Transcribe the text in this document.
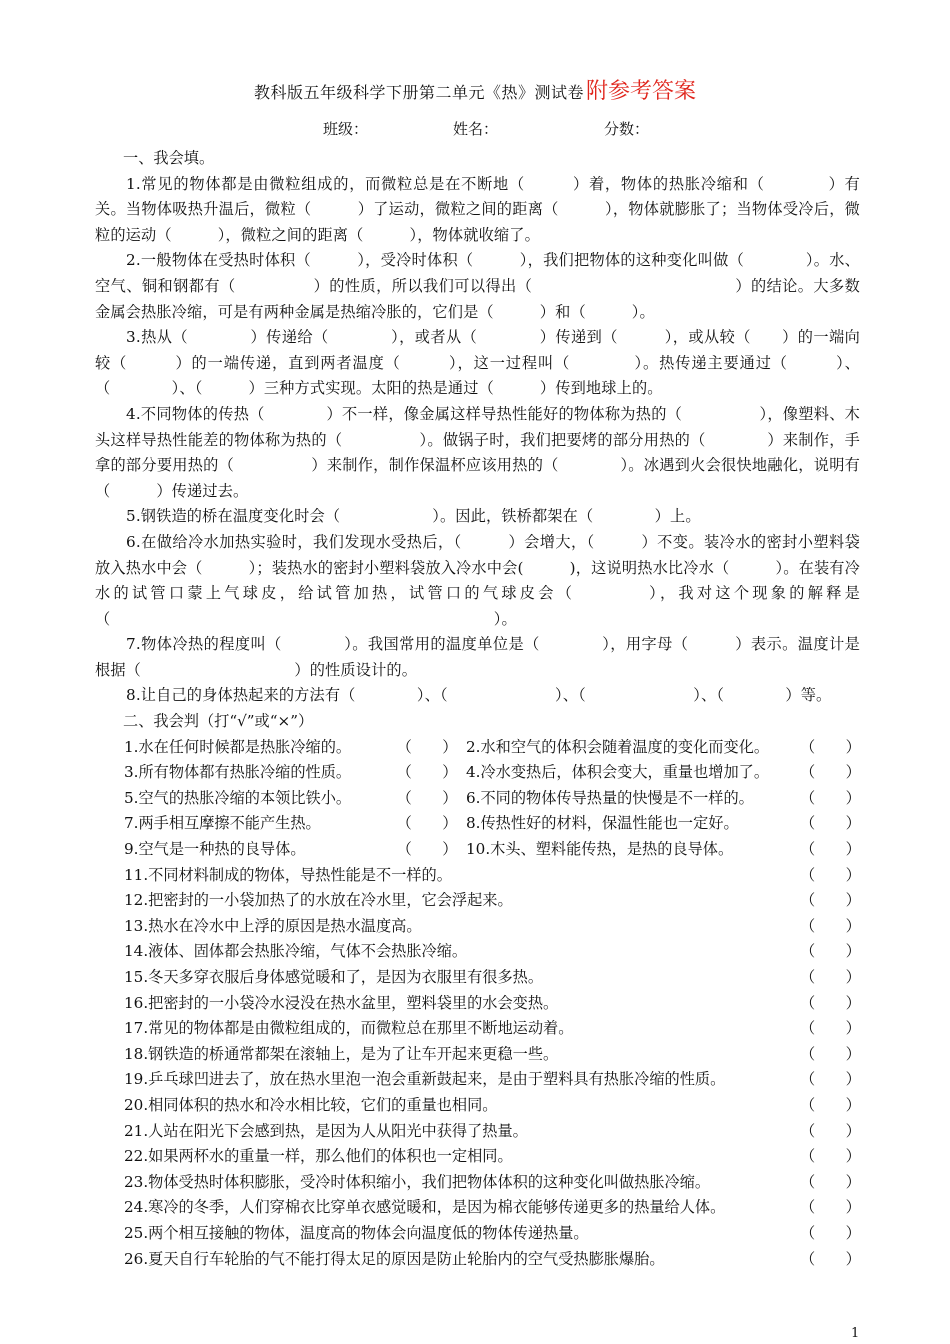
教科版五年级科学下册第二单元《热》测试卷附参考答案
班级：	姓名：	分数：
一、我会填。
1.常见的物体都是由微粒组成的，而微粒总是在不断地（　　　）着，物体的热胀冷缩和（　　　　）有关。当物体吸热升温后，微粒（　　　）了运动，微粒之间的距离（　　　），物体就膨胀了；当物体受冷后，微粒的运动（　　　），微粒之间的距离（　　　），物体就收缩了。
2.一般物体在受热时体积（　　　），受冷时体积（　　　），我们把物体的这种变化叫做（　　　　）。水、空气、铜和钢都有（　　　　　）的性质，所以我们可以得出（　　　　　　　　　　　　　）的结论。大多数金属会热胀冷缩，可是有两种金属是热缩冷胀的，它们是（　　　）和（　　　）。
3.热从（　　　　）传递给（　　　　），或者从（　　　　）传递到（　　　），或从较（　　）的一端向较（　　　）的一端传递，直到两者温度（　　　），这一过程叫（　　　　）。热传递主要通过（　　　）、（　　　　）、（　　　）三种方式实现。太阳的热是通过（　　　）传到地球上的。
4.不同物体的传热（　　　　）不一样，像金属这样导热性能好的物体称为热的（　　　　　），像塑料、木头这样导热性能差的物体称为热的（　　　　　）。做锅子时，我们把要烤的部分用热的（　　　　）来制作，手拿的部分要用热的（　　　　　）来制作，制作保温杯应该用热的（　　　　）。冰遇到火会很快地融化，说明有（　　　）传递过去。
5.钢铁造的桥在温度变化时会（　　　　　　）。因此，铁桥都架在（　　　　）上。
6.在做给冷水加热实验时，我们发现水受热后，（　　　）会增大，（　　　）不变。装冷水的密封小塑料袋放入热水中会（　　　）；装热水的密封小塑料袋放入冷水中会(　　　)，这说明热水比冷水（　　　）。在装有冷水的试管口蒙上气球皮，给试管加热，试管口的气球皮会（　　　　），我对这个现象的解释是（　　　　　　　　　　　　　　　　　　　　　　　　　）。
7.物体冷热的程度叫（　　　　）。我国常用的温度单位是（　　　　），用字母（　　　）表示。温度计是根据（　　　　　　　　　　）的性质设计的。
8.让自己的身体热起来的方法有（　　　　）、（　　　　　　　）、（　　　　　　　）、（　　　　）等。
二、我会判（打“√”或“×”）
1.水在任何时候都是热胀冷缩的。	（　　） 2.水和空气的体积会随着温度的变化而变化。	（　　）
3.所有物体都有热胀冷缩的性质。	（　　） 4.冷水变热后，体积会变大，重量也增加了。	（　　）
5.空气的热胀冷缩的本领比铁小。	（　　） 6.不同的物体传导热量的快慢是不一样的。	（　　）
7.两手相互摩擦不能产生热。	（　　） 8.传热性好的材料，保温性能也一定好。	（　　）
9.空气是一种热的良导体。	（　　） 10.木头、塑料能传热，是热的良导体。	（　　）
11.不同材料制成的物体，导热性能是不一样的。	（　　）
12.把密封的一小袋加热了的水放在冷水里，它会浮起来。	（　　）
13.热水在冷水中上浮的原因是热水温度高。	（　　）
14.液体、固体都会热胀冷缩，气体不会热胀冷缩。	（　　）
15.冬天多穿衣服后身体感觉暖和了，是因为衣服里有很多热。	（　　）
16.把密封的一小袋冷水浸没在热水盆里，塑料袋里的水会变热。	（　　）
17.常见的物体都是由微粒组成的，而微粒总在那里不断地运动着。	（　　）
18.钢铁造的桥通常都架在滚轴上，是为了让车开起来更稳一些。	（　　）
19.乒乓球凹进去了，放在热水里泡一泡会重新鼓起来，是由于塑料具有热胀冷缩的性质。	（　　）
20.相同体积的热水和冷水相比较，它们的重量也相同。	（　　）
21.人站在阳光下会感到热，是因为人从阳光中获得了热量。	（　　）
22.如果两杯水的重量一样，那么他们的体积也一定相同。	（　　）
23.物体受热时体积膨胀，受冷时体积缩小，我们把物体体积的这种变化叫做热胀冷缩。	（　　）
24.寒冷的冬季，人们穿棉衣比穿单衣感觉暖和，是因为棉衣能够传递更多的热量给人体。	（　　）
25.两个相互接触的物体，温度高的物体会向温度低的物体传递热量。	（　　）
26.夏天自行车轮胎的气不能打得太足的原因是防止轮胎内的空气受热膨胀爆胎。	（　　）
1
